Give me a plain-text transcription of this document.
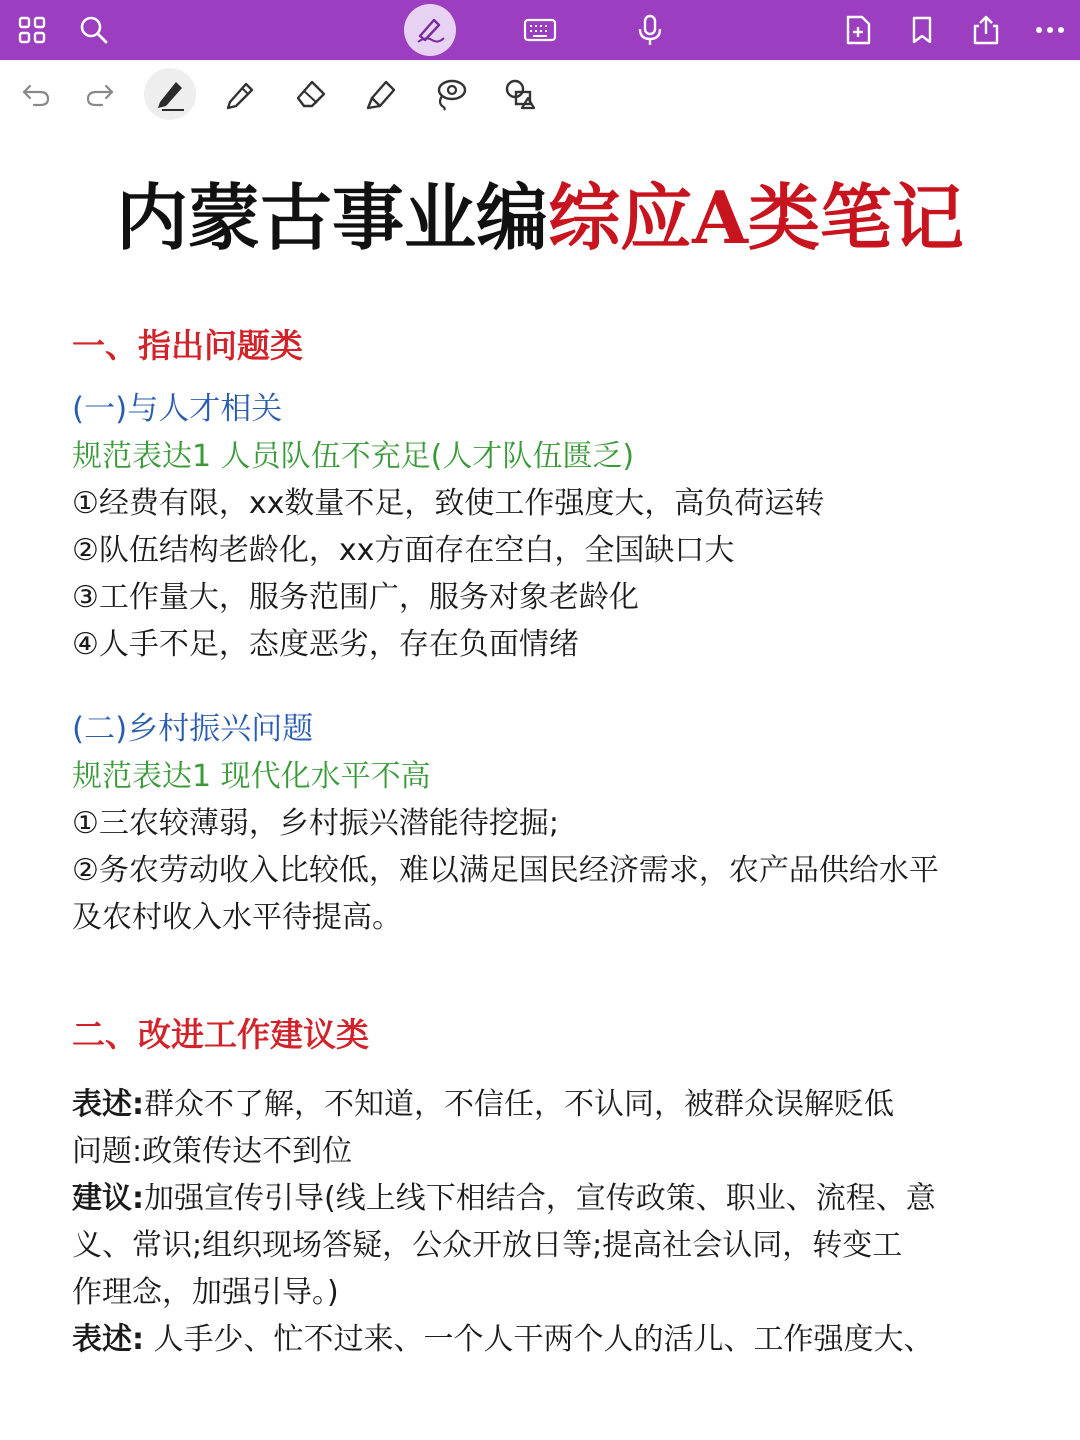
内蒙古事业编综应A类笔记
一、指出问题类
(一)与人才相关
规范表达1 人员队伍不充足(人才队伍匮乏)
①经费有限，xx数量不足，致使工作强度大，高负荷运转
②队伍结构老龄化，xx方面存在空白，全国缺口大
③工作量大，服务范围广，服务对象老龄化
④人手不足，态度恶劣，存在负面情绪
(二)乡村振兴问题
规范表达1 现代化水平不高
①三农较薄弱，乡村振兴潜能待挖掘;
②务农劳动收入比较低，难以满足国民经济需求，农产品供给水平
及农村收入水平待提高。
二、改进工作建议类
表述:群众不了解，不知道，不信任，不认同，被群众误解贬低
问题:政策传达不到位
建议:加强宣传引导(线上线下相结合，宣传政策、职业、流程、意
义、常识;组织现场答疑，公众开放日等;提高社会认同，转变工
作理念，加强引导。)
表述: 人手少、忙不过来、一个人干两个人的活儿、工作强度大、
